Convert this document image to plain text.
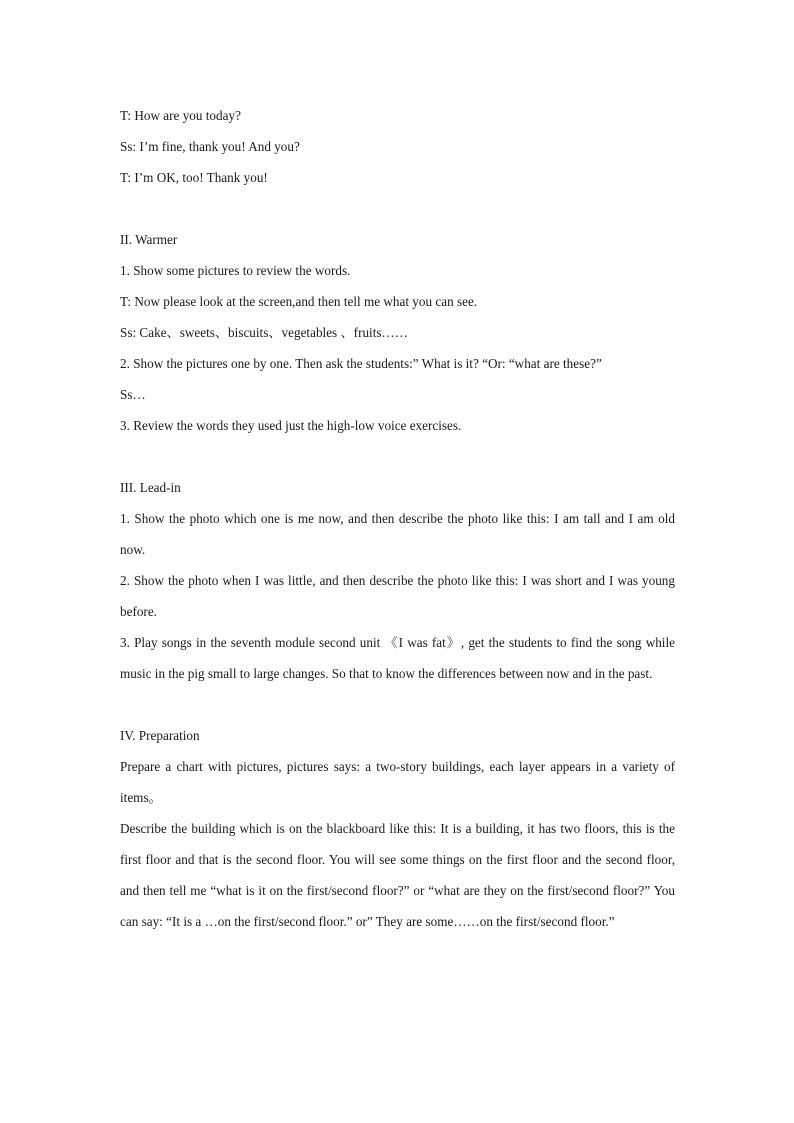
T: How are you today?
Ss: I’m fine, thank you! And you?
T: I’m OK, too! Thank you!
II. Warmer
1. Show some pictures to review the words.
T: Now please look at the screen,and then tell me what you can see.
Ss: Cake、sweets、biscuits、vegetables 、fruits……
2. Show the pictures one by one. Then ask the students:” What is it? “Or: “what are these?”
Ss…
3. Review the words they used just the high-low voice exercises.
III. Lead-in
1. Show the photo which one is me now, and then describe the photo like this: I am tall and I am old now.
2. Show the photo when I was little, and then describe the photo like this: I was short and I was young before.
3. Play songs in the seventh module second unit 《I was fat》, get the students to find the song while music in the pig small to large changes. So that to know the differences between now and in the past.
IV. Preparation
Prepare a chart with pictures, pictures says: a two-story buildings, each layer appears in a variety of items。
Describe the building which is on the blackboard like this: It is a building, it has two floors, this is the first floor and that is the second floor. You will see some things on the first floor and the second floor, and then tell me “what is it on the first/second floor?” or “what are they on the first/second floor?” You can say: “It is a …on the first/second floor.” or” They are some……on the first/second floor.”
